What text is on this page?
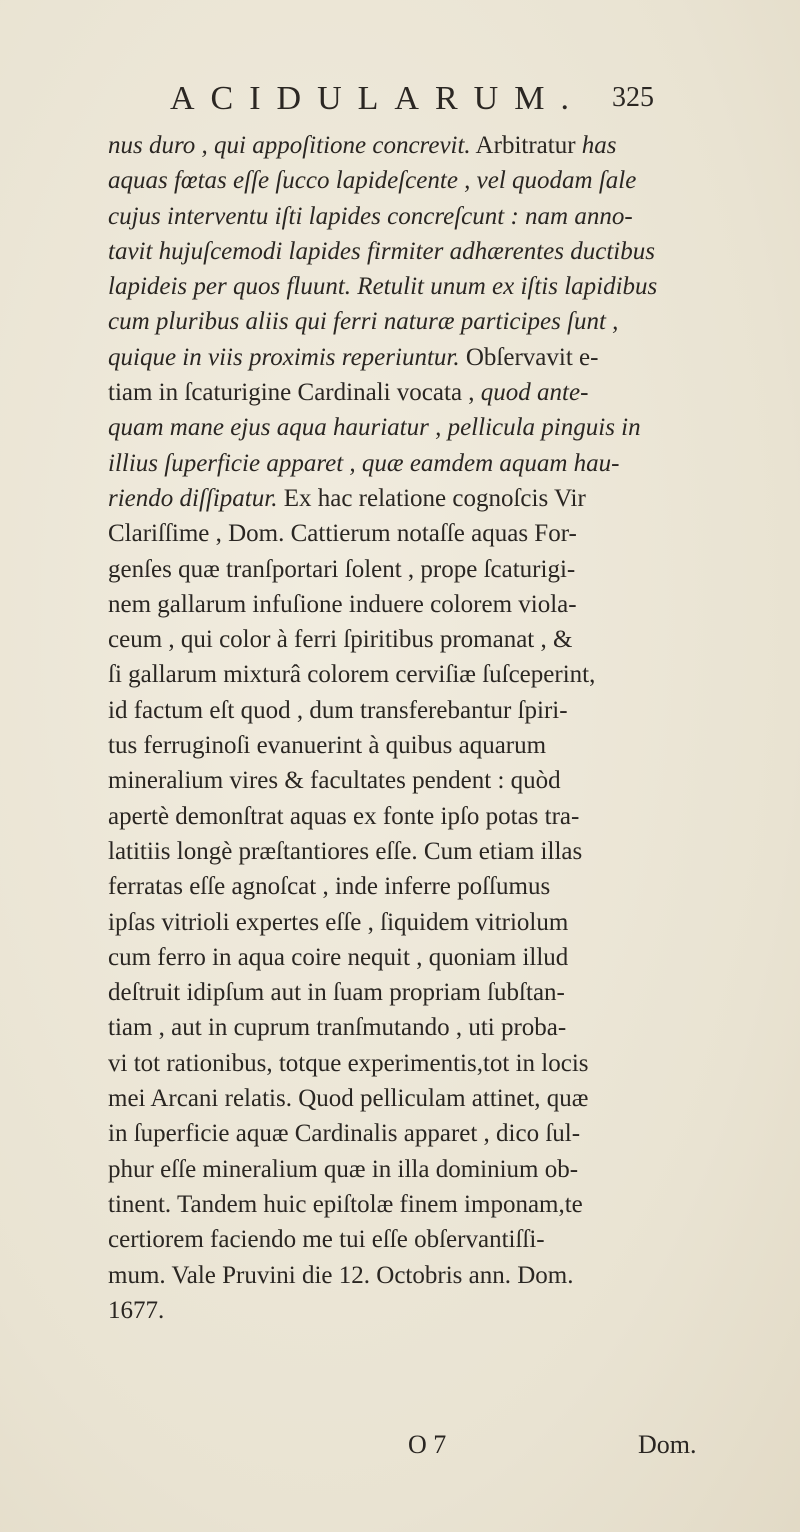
ACIDULARUM. 325
nus duro , qui appoſitione concrevit. Arbitratur has
aquas fœtas eſſe ſucco lapideſcente , vel quodam ſale
cujus interventu iſti lapides concreſcunt : nam anno-
tavit hujuſcemodi lapides firmiter adhærentes ductibus
lapideis per quos fluunt. Retulit unum ex iſtis lapidibus
cum pluribus aliis qui ferri naturæ participes ſunt ,
quique in viis proximis reperiuntur. Obſervavit e-
tiam in ſcaturigine Cardinali vocata , quod ante-
quam mane ejus aqua hauriatur , pellicula pinguis in
illius ſuperficie apparet , quæ eamdem aquam hau-
riendo diſſipatur. Ex hac relatione cognoſcis Vir
Clariſſime , Dom. Cattierum notaſſe aquas For-
genſes quæ tranſportari ſolent , prope ſcaturigi-
nem gallarum infuſione induere colorem viola-
ceum , qui color à ferri ſpiritibus promanat , &
ſi gallarum mixturâ colorem cerviſiæ ſuſceperint,
id factum eſt quod , dum transferebantur ſpiri-
tus ferruginoſi evanuerint à quibus aquarum
mineralium vires & facultates pendent : quòd
apertè demonſtrat aquas ex fonte ipſo potas tra-
latitiis longè præſtantiores eſſe. Cum etiam illas
ferratas eſſe agnoſcat , inde inferre poſſumus
ipſas vitrioli expertes eſſe , ſiquidem vitriolum
cum ferro in aqua coire nequit , quoniam illud
deſtruit idipſum aut in ſuam propriam ſubſtan-
tiam , aut in cuprum tranſmutando , uti proba-
vi tot rationibus, totque experimentis,tot in locis
mei Arcani relatis. Quod pelliculam attinet, quæ
in ſuperficie aquæ Cardinalis apparet , dico ſul-
phur eſſe mineralium quæ in illa dominium ob-
tinent. Tandem huic epiſtolæ finem imponam,te
certiorem faciendo me tui eſſe obſervantiſſi-
mum. Vale Pruvini die 12. Octobris ann. Dom.
1677.
O 7	Dom.
